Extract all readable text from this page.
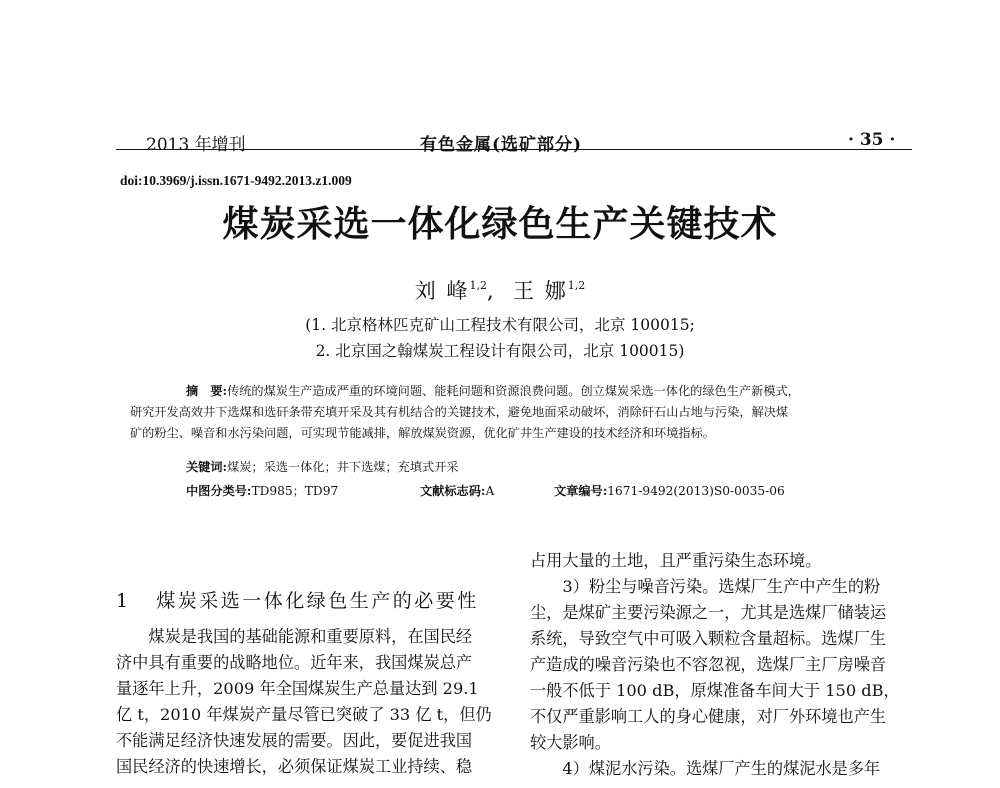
2013 年增刊	有色金属(选矿部分)	· 35 ·
doi:10.3969/j.issn.1671-9492.2013.z1.009
煤炭采选一体化绿色生产关键技术
刘 峰$^{1,2}$,  王 娜$^{1,2}$
(1. 北京格林匹克矿山工程技术有限公司，北京 100015;
2. 北京国之翰煤炭工程设计有限公司，北京 100015)

摘　要:传统的煤炭生产造成严重的环境问题、能耗问题和资源浪费问题。创立煤炭采选一体化的绿色生产新模式，

研究开发高效井下选煤和选矸条带充填开采及其有机结合的关键技术，避免地面采动破坏，消除矸石山占地与污染，解决煤

矿的粉尘、噪音和水污染问题，可实现节能减排，解放煤炭资源，优化矿井生产建设的技术经济和环境指标。

关键词:煤炭；采选一体化；井下选煤；充填式开采
中图分类号:TD985；TD97	文献标志码:A	文章编号:1671-9492(2013)S0-0035-06
1 煤炭采选一体化绿色生产的必要性

　　煤炭是我国的基础能源和重要原料，在国民经

济中具有重要的战略地位。近年来，我国煤炭总产

量逐年上升，2009 年全国煤炭生产总量达到 29.1

亿 t，2010 年煤炭产量尽管已突破了 33 亿 t，但仍

不能满足经济快速发展的需要。因此，要促进我国

国民经济的快速增长，必须保证煤炭工业持续、稳

占用大量的土地，且严重污染生态环境。

　　3）粉尘与噪音污染。选煤厂生产中产生的粉

尘，是煤矿主要污染源之一，尤其是选煤厂储装运

系统，导致空气中可吸入颗粒含量超标。选煤厂生

产造成的噪音污染也不容忽视，选煤厂主厂房噪音

一般不低于 100 dB，原煤准备车间大于 150 dB，

不仅严重影响工人的身心健康，对厂外环境也产生

较大影响。

　　4）煤泥水污染。选煤厂产生的煤泥水是多年
